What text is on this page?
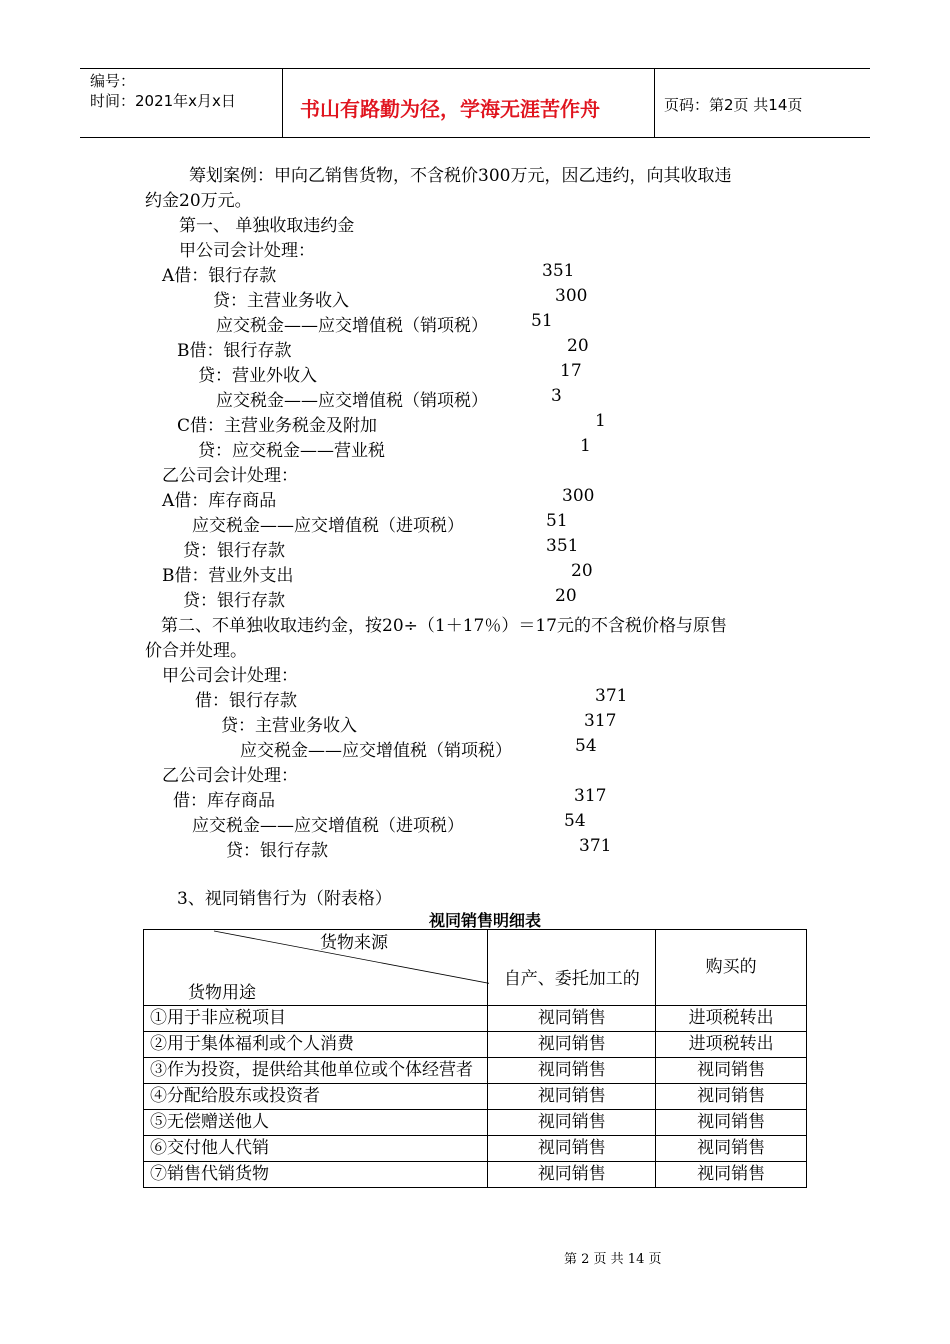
编号：
时间：2021年x月x日	书山有路勤为径，学海无涯苦作舟	页码：第2页 共14页
筹划案例：甲向乙销售货物，不含税价300万元，因乙违约，向其收取违
约金20万元。
第一、 单独收取违约金
甲公司会计处理：
A借：银行存款	351
贷：主营业务收入	300
应交税金——应交增值税（销项税）	51
B借：银行存款	20
贷：营业外收入	17
应交税金——应交增值税（销项税）	3
C借：主营业务税金及附加	1
贷：应交税金——营业税	1
乙公司会计处理：
A借：库存商品	300
应交税金——应交增值税（进项税）	51
贷：银行存款	351
B借：营业外支出	20
贷：银行存款	20
第二、不单独收取违约金，按20÷（1＋17％）＝17元的不含税价格与原售
价合并处理。
甲公司会计处理：
借：银行存款	371
贷：主营业务收入	317
应交税金——应交增值税（销项税）	54
乙公司会计处理：
借：库存商品	317
应交税金——应交增值税（进项税）	54
贷：银行存款	371
3、视同销售行为（附表格）
视同销售明细表
货物来源
货物用途	自产、委托加工的	购买的
①用于非应税项目	视同销售	进项税转出
②用于集体福利或个人消费	视同销售	进项税转出
③作为投资，提供给其他单位或个体经营者	视同销售	视同销售
④分配给股东或投资者	视同销售	视同销售
⑤无偿赠送他人	视同销售	视同销售
⑥交付他人代销	视同销售	视同销售
⑦销售代销货物	视同销售	视同销售
第 2 页 共 14 页
